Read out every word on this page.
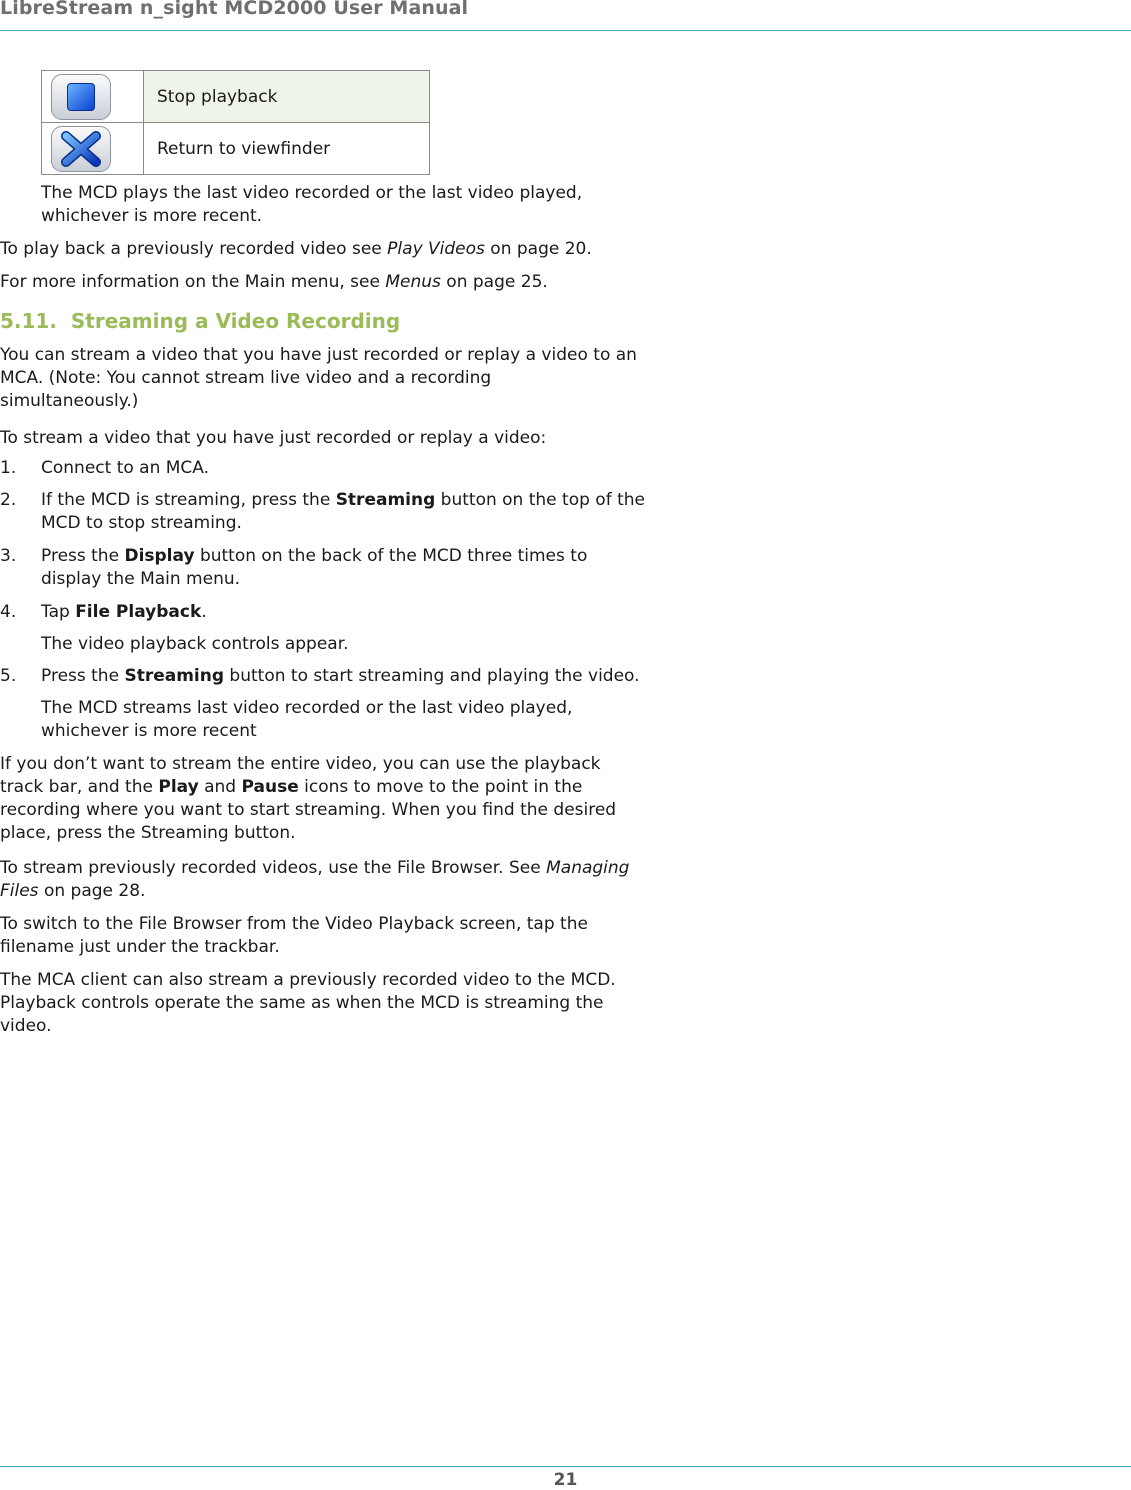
LibreStream n_sight MCD2000 User Manual
	Stop playback

	Return to viewfinder

The MCD plays the last video recorded or the last video played,

whichever is more recent.

To play back a previously recorded video see Play Videos on page 20.

For more information on the Main menu, see Menus on page 25.

5.11. Streaming a Video Recording

You can stream a video that you have just recorded or replay a video to an

MCA. (Note: You cannot stream live video and a recording

simultaneously.)

To stream a video that you have just recorded or replay a video:

1. Connect to an MCA.

2. If the MCD is streaming, press the Streaming button on the top of the

MCD to stop streaming.

3. Press the Display button on the back of the MCD three times to

display the Main menu.

4. Tap File Playback.

The video playback controls appear.

5. Press the Streaming button to start streaming and playing the video.

The MCD streams last video recorded or the last video played,

whichever is more recent

If you don’t want to stream the entire video, you can use the playback

track bar, and the Play and Pause icons to move to the point in the

recording where you want to start streaming. When you find the desired

place, press the Streaming button.

To stream previously recorded videos, use the File Browser. See Managing

Files on page 28.

To switch to the File Browser from the Video Playback screen, tap the

filename just under the trackbar.

The MCA client can also stream a previously recorded video to the MCD.

Playback controls operate the same as when the MCD is streaming the

video.

21
